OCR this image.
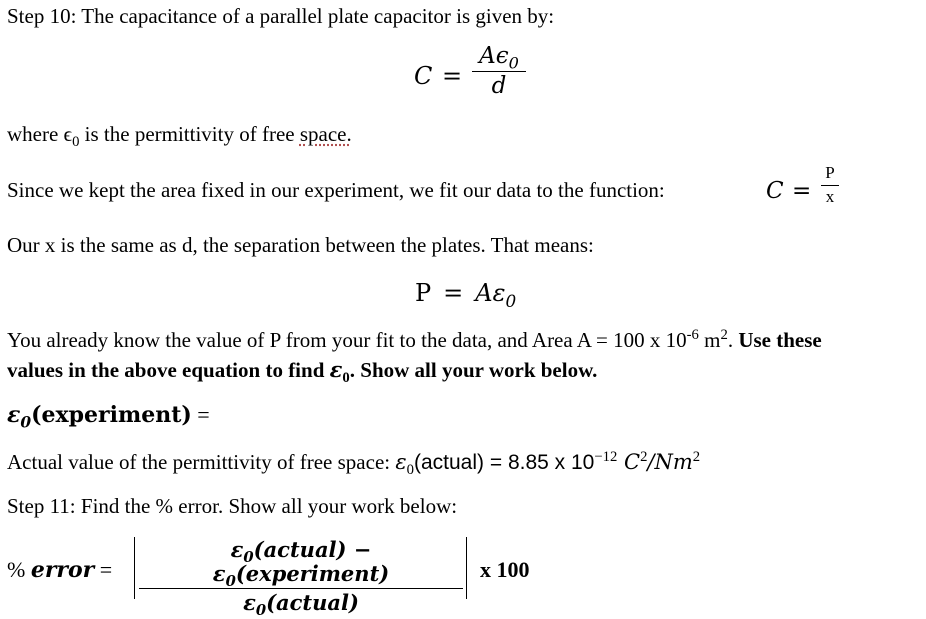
Step 10: The capacitance of a parallel plate capacitor is given by:
C =
$A\epsilon_0$
d
where $\epsilon_0$ is the permittivity of free space.
Since we kept the area fixed in our experiment, we fit our data to the function:	C =
P
x
Our x is the same as d, the separation between the plates. That means:
$P = A\varepsilon_0$
You already know the value of P from your fit to the data, and Area A = 100 x $10^{-6}$ $m^2$. Use these
values in the above equation to find $\varepsilon_0$. Show all your work below.
$\varepsilon_0(experiment)$ =
Actual value of the permittivity of free space: $\varepsilon_0(actual) = 8.85$ x $10^{-12}$ $C^2/Nm^2$
Step 11: Find the % error. Show all your work below:
% error =
$\varepsilon_0(actual)$ − $\varepsilon_0(experiment)$
$\varepsilon_0(actual)$
x 100
